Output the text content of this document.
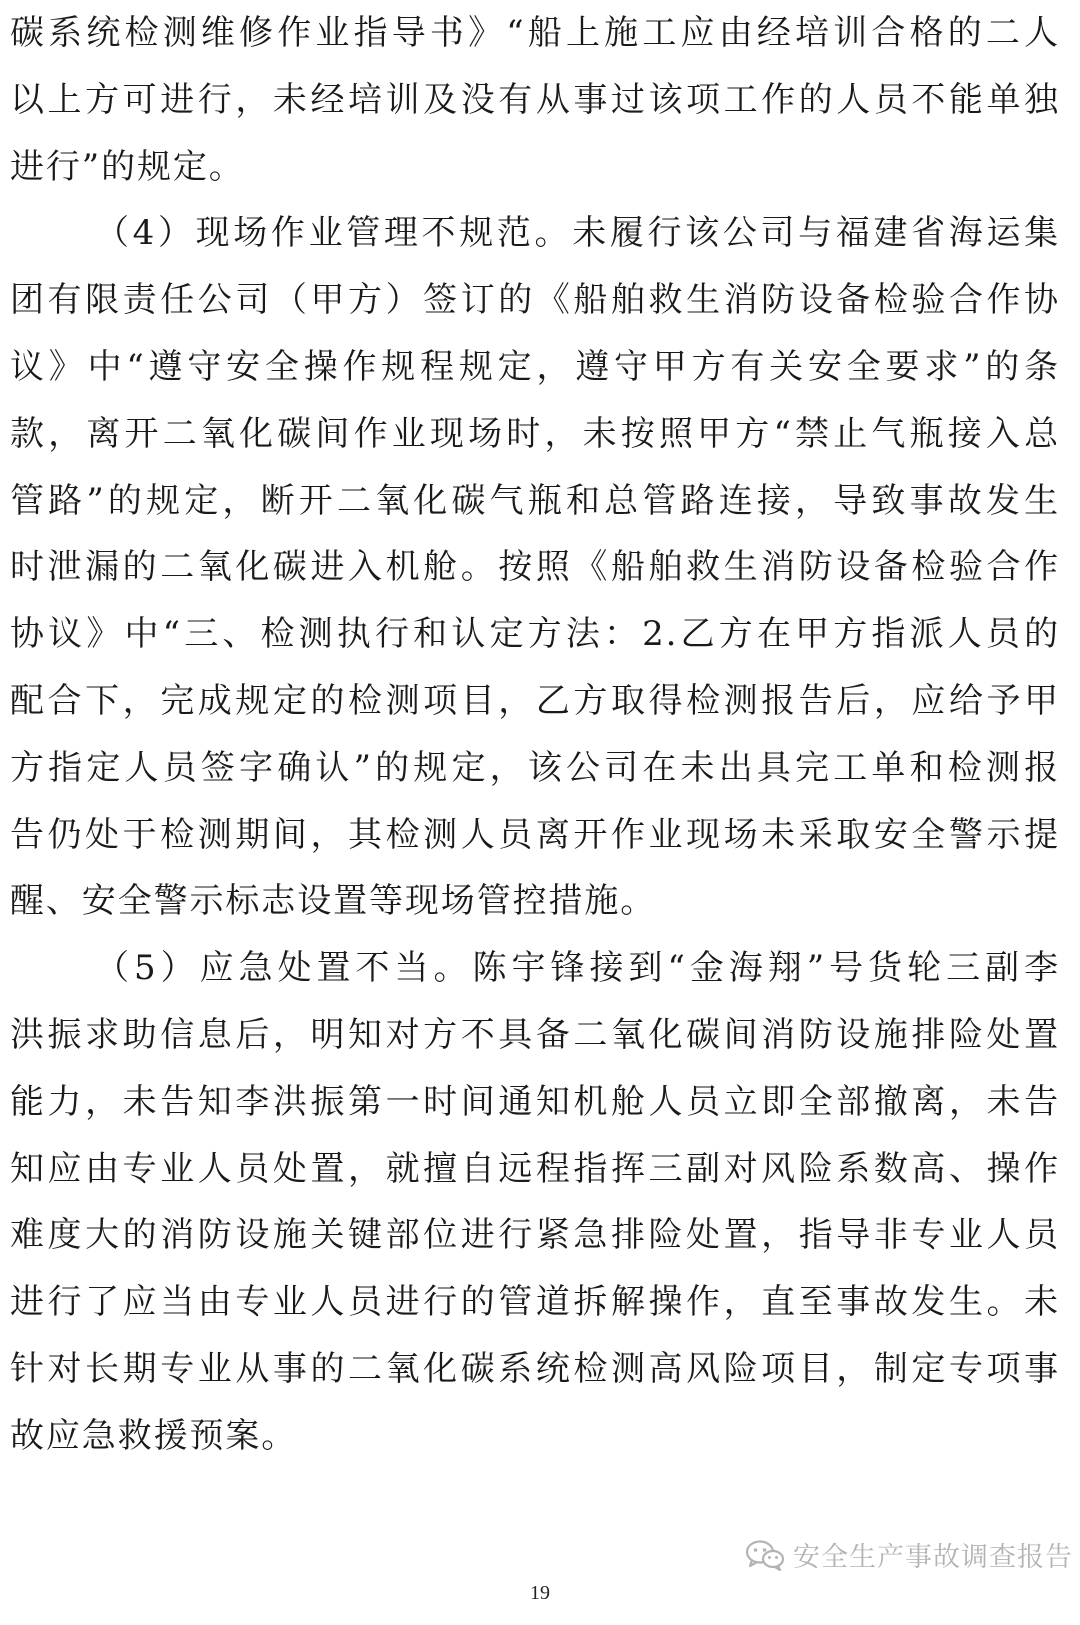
碳系统检测维修作业指导书》“船上施工应由经培训合格的二人
以上方可进行，未经培训及没有从事过该项工作的人员不能单独
进行”的规定。
（4）现场作业管理不规范。未履行该公司与福建省海运集
团有限责任公司（甲方）签订的《船舶救生消防设备检验合作协
议》中“遵守安全操作规程规定，遵守甲方有关安全要求”的条
款，离开二氧化碳间作业现场时，未按照甲方“禁止气瓶接入总
管路”的规定，断开二氧化碳气瓶和总管路连接，导致事故发生
时泄漏的二氧化碳进入机舱。按照《船舶救生消防设备检验合作
协议》中“三、检测执行和认定方法：2.乙方在甲方指派人员的
配合下，完成规定的检测项目，乙方取得检测报告后，应给予甲
方指定人员签字确认”的规定，该公司在未出具完工单和检测报
告仍处于检测期间，其检测人员离开作业现场未采取安全警示提
醒、安全警示标志设置等现场管控措施。
（5）应急处置不当。陈宇锋接到“金海翔”号货轮三副李
洪振求助信息后，明知对方不具备二氧化碳间消防设施排险处置
能力，未告知李洪振第一时间通知机舱人员立即全部撤离，未告
知应由专业人员处置，就擅自远程指挥三副对风险系数高、操作
难度大的消防设施关键部位进行紧急排险处置，指导非专业人员
进行了应当由专业人员进行的管道拆解操作，直至事故发生。未
针对长期专业从事的二氧化碳系统检测高风险项目，制定专项事
故应急救援预案。
安全生产事故调查报告
19
